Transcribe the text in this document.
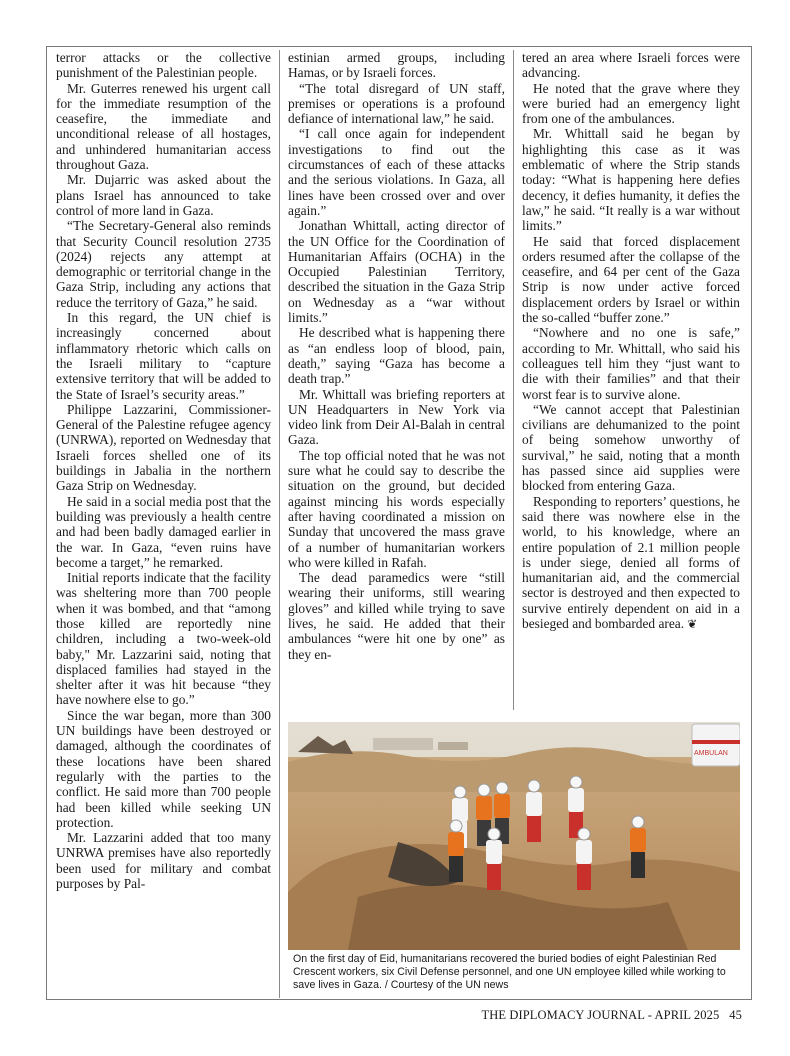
terror attacks or the collective punishment of the Palestinian people.

Mr. Guterres renewed his urgent call for the immediate resumption of the ceasefire, the immediate and unconditional release of all hostages, and unhindered humanitarian access throughout Gaza.

Mr. Dujarric was asked about the plans Israel has announced to take control of more land in Gaza.

“The Secretary-General also reminds that Security Council resolution 2735 (2024) rejects any attempt at demographic or territorial change in the Gaza Strip, including any actions that reduce the territory of Gaza,” he said.

In this regard, the UN chief is increasingly concerned about inflammatory rhetoric which calls on the Israeli military to “capture extensive territory that will be added to the State of Israel’s security areas.”

Philippe Lazzarini, Commissioner-General of the Palestine refugee agency (UNRWA), reported on Wednesday that Israeli forces shelled one of its buildings in Jabalia in the northern Gaza Strip on Wednesday.

He said in a social media post that the building was previously a health centre and had been badly damaged earlier in the war. In Gaza, “even ruins have become a target,” he remarked.

Initial reports indicate that the facility was sheltering more than 700 people when it was bombed, and that “among those killed are reportedly nine children, including a two-week-old baby," Mr. Lazzarini said, noting that displaced families had stayed in the shelter after it was hit because “they have nowhere else to go.”

Since the war began, more than 300 UN buildings have been destroyed or damaged, although the coordinates of these locations have been shared regularly with the parties to the conflict. He said more than 700 people had been killed while seeking UN protection.

Mr. Lazzarini added that too many UNRWA premises have also reportedly been used for military and combat purposes by Pal-

estinian armed groups, including Hamas, or by Israeli forces.

“The total disregard of UN staff, premises or operations is a profound defiance of international law,” he said.

“I call once again for independent investigations to find out the circumstances of each of these attacks and the serious violations. In Gaza, all lines have been crossed over and over again.”

Jonathan Whittall, acting director of the UN Office for the Coordination of Humanitarian Affairs (OCHA) in the Occupied Palestinian Territory, described the situation in the Gaza Strip on Wednesday as a “war without limits.”

He described what is happening there as “an endless loop of blood, pain, death,” saying “Gaza has become a death trap.”

Mr. Whittall was briefing reporters at UN Headquarters in New York via video link from Deir Al-Balah in central Gaza.

The top official noted that he was not sure what he could say to describe the situation on the ground, but decided against mincing his words especially after having coordinated a mission on Sunday that uncovered the mass grave of a number of humanitarian workers who were killed in Rafah.

The dead paramedics were “still wearing their uniforms, still wearing gloves” and killed while trying to save lives, he said. He added that their ambulances “were hit one by one” as they en-

tered an area where Israeli forces were advancing.

He noted that the grave where they were buried had an emergency light from one of the ambulances.

Mr. Whittall said he began by highlighting this case as it was emblematic of where the Strip stands today: “What is happening here defies decency, it defies humanity, it defies the law,” he said. “It really is a war without limits.”

He said that forced displacement orders resumed after the collapse of the ceasefire, and 64 per cent of the Gaza Strip is now under active forced displacement orders by Israel or within the so-called “buffer zone.”

“Nowhere and no one is safe,” according to Mr. Whittall, who said his colleagues tell him they “just want to die with their families” and that their worst fear is to survive alone.

“We cannot accept that Palestinian civilians are dehumanized to the point of being somehow unworthy of survival,” he said, noting that a month has passed since aid supplies were blocked from entering Gaza.

Responding to reporters’ questions, he said there was nowhere else in the world, to his knowledge, where an entire population of 2.1 million people is under siege, denied all forms of humanitarian aid, and the commercial sector is destroyed and then expected to survive entirely dependent on aid in a besieged and bombarded area. ❦

AMBULAN
On the first day of Eid, humanitarians recovered the buried bodies of eight Palestinian Red Crescent workers, six Civil Defense personnel, and one UN employee killed while working to save lives in Gaza. / Courtesy of the UN news
THE DIPLOMACY JOURNAL - APRIL 2025 45
